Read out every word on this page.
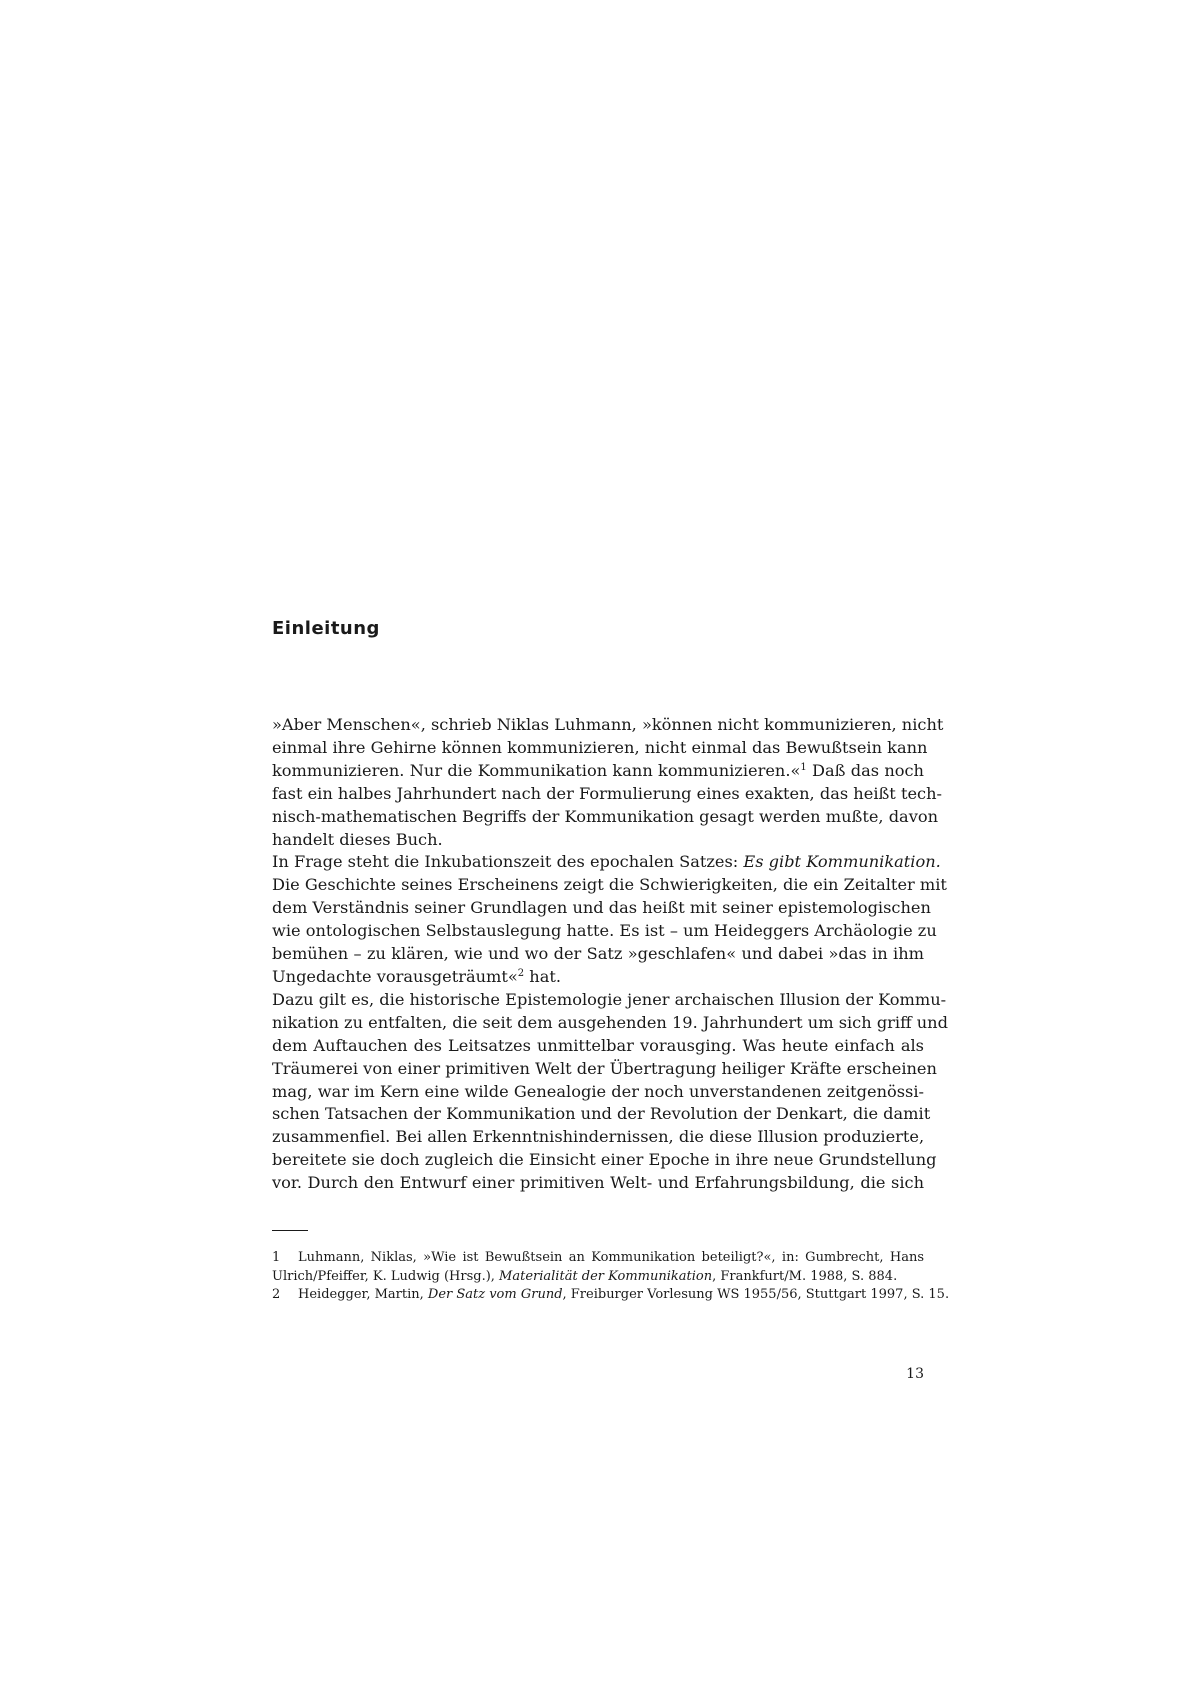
Einleitung

»Aber Menschen«, schrieb Niklas Luhmann, »können nicht kommunizieren, nicht
einmal ihre Gehirne können kommunizieren, nicht einmal das Bewußtsein kann
kommunizieren. Nur die Kommunikation kann kommunizieren.«$^1$ Daß das noch
fast ein halbes Jahrhundert nach der Formulierung eines exakten, das heißt tech-
nisch-mathematischen Begriffs der Kommunikation gesagt werden mußte, davon
handelt dieses Buch.

In Frage steht die Inkubationszeit des epochalen Satzes: Es gibt Kommunikation.
Die Geschichte seines Erscheinens zeigt die Schwierigkeiten, die ein Zeitalter mit
dem Verständnis seiner Grundlagen und das heißt mit seiner epistemologischen
wie ontologischen Selbstauslegung hatte. Es ist – um Heideggers Archäologie zu
bemühen – zu klären, wie und wo der Satz »geschlafen« und dabei »das in ihm
Ungedachte vorausgeträumt«$^2$ hat.

Dazu gilt es, die historische Epistemologie jener archaischen Illusion der Kommu-
nikation zu entfalten, die seit dem ausgehenden 19. Jahrhundert um sich griff und
dem Auftauchen des Leitsatzes unmittelbar vorausging. Was heute einfach als
Träumerei von einer primitiven Welt der Übertragung heiliger Kräfte erscheinen
mag, war im Kern eine wilde Genealogie der noch unverstandenen zeitgenössi-
schen Tatsachen der Kommunikation und der Revolution der Denkart, die damit
zusammenfiel. Bei allen Erkenntnishindernissen, die diese Illusion produzierte,
bereitete sie doch zugleich die Einsicht einer Epoche in ihre neue Grundstellung
vor. Durch den Entwurf einer primitiven Welt- und Erfahrungsbildung, die sich

1 Luhmann, Niklas, »Wie ist Bewußtsein an Kommunikation beteiligt?«, in: Gumbrecht, Hans
Ulrich/Pfeiffer, K. Ludwig (Hrsg.), Materialität der Kommunikation, Frankfurt/M. 1988, S. 884.
2 Heidegger, Martin, Der Satz vom Grund, Freiburger Vorlesung WS 1955/56, Stuttgart 1997, S. 15.
13
